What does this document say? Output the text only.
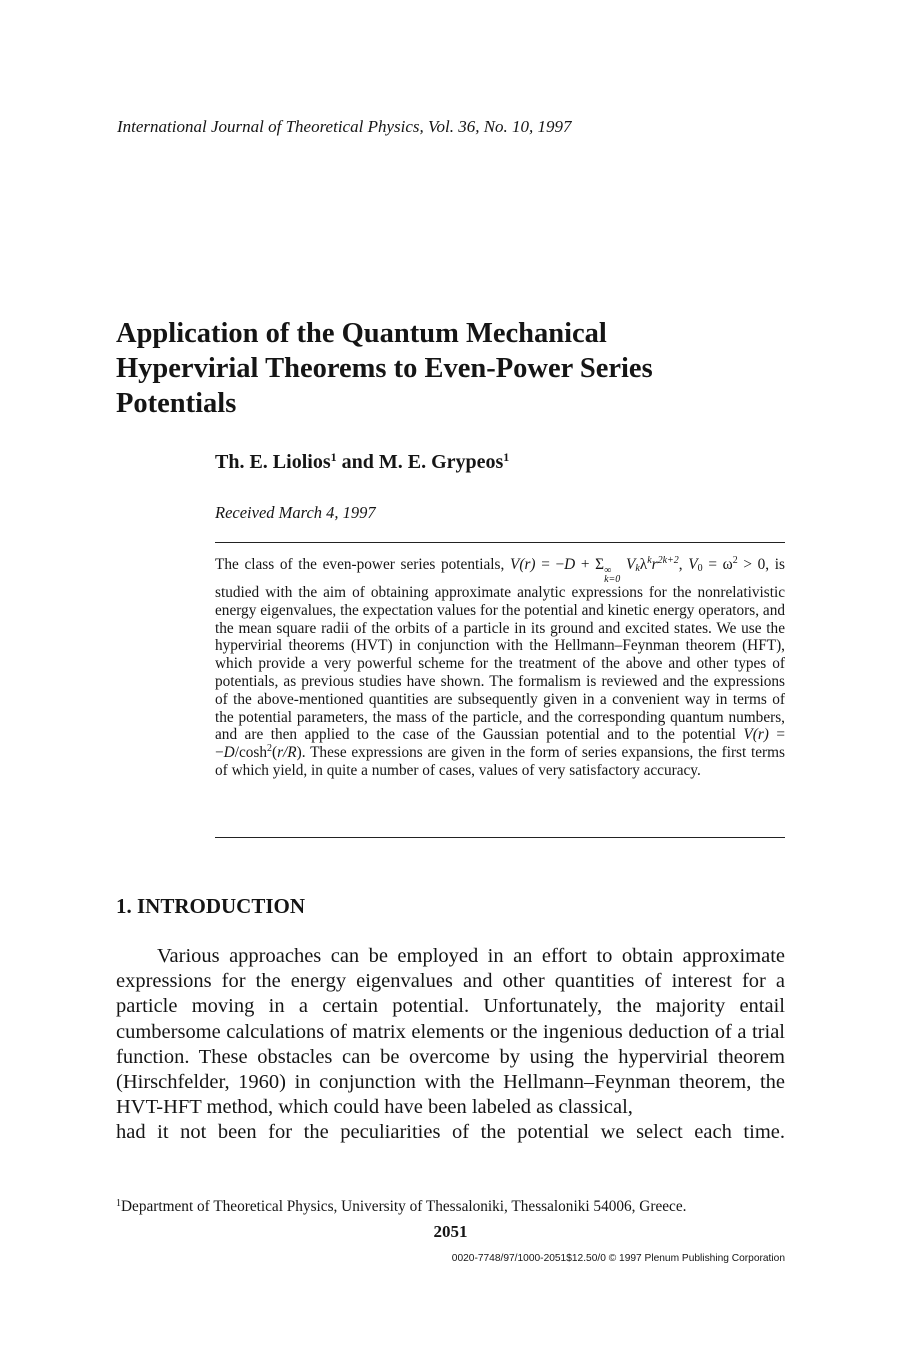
International Journal of Theoretical Physics, Vol. 36, No. 10, 1997
Application of the Quantum Mechanical
Hypervirial Theorems to Even-Power Series
Potentials
Th. E. Liolios$^1$ and M. E. Grypeos$^1$
Received March 4, 1997

The class of the even-power series potentials, V(r) = −D + Σ ∞
k=0
$V_k\lambda^kr^{2k+2}$, $V_0 = \omega^2 > 0$, is studied with the aim of obtaining approximate analytic expressions for the nonrelativistic energy eigenvalues, the expectation values for the potential and kinetic energy operators, and the mean square radii of the orbits of a particle in its ground and excited states. We use the hypervirial theorems (HVT) in conjunction with the Hellmann–Feynman theorem (HFT), which provide a very powerful scheme for the treatment of the above and other types of potentials, as previous studies have shown. The formalism is reviewed and the expressions of the above-mentioned quantities are subsequently given in a convenient way in terms of the potential parameters, the mass of the particle, and the corresponding quantum numbers, and are then applied to the case of the Gaussian potential and to the potential $V(r) = -D/\cosh^2(r/R)$. These expressions are given in the form of series expansions, the first terms of which yield, in quite a number of cases, values of very satisfactory accuracy.

1. INTRODUCTION

Various approaches can be employed in an effort to obtain approximate expressions for the energy eigenvalues and other quantities of interest for a particle moving in a certain potential. Unfortunately, the majority entail cumbersome calculations of matrix elements or the ingenious deduction of a trial function. These obstacles can be overcome by using the hypervirial theorem (Hirschfelder, 1960) in conjunction with the Hellmann–Feynman theorem, the HVT-HFT method, which could have been labeled as classical,

had it not been for the peculiarities of the potential we select each time.

$^1$Department of Theoretical Physics, University of Thessaloniki, Thessaloniki 54006, Greece.
2051
0020-7748/97/1000-2051$12.50/0 © 1997 Plenum Publishing Corporation
